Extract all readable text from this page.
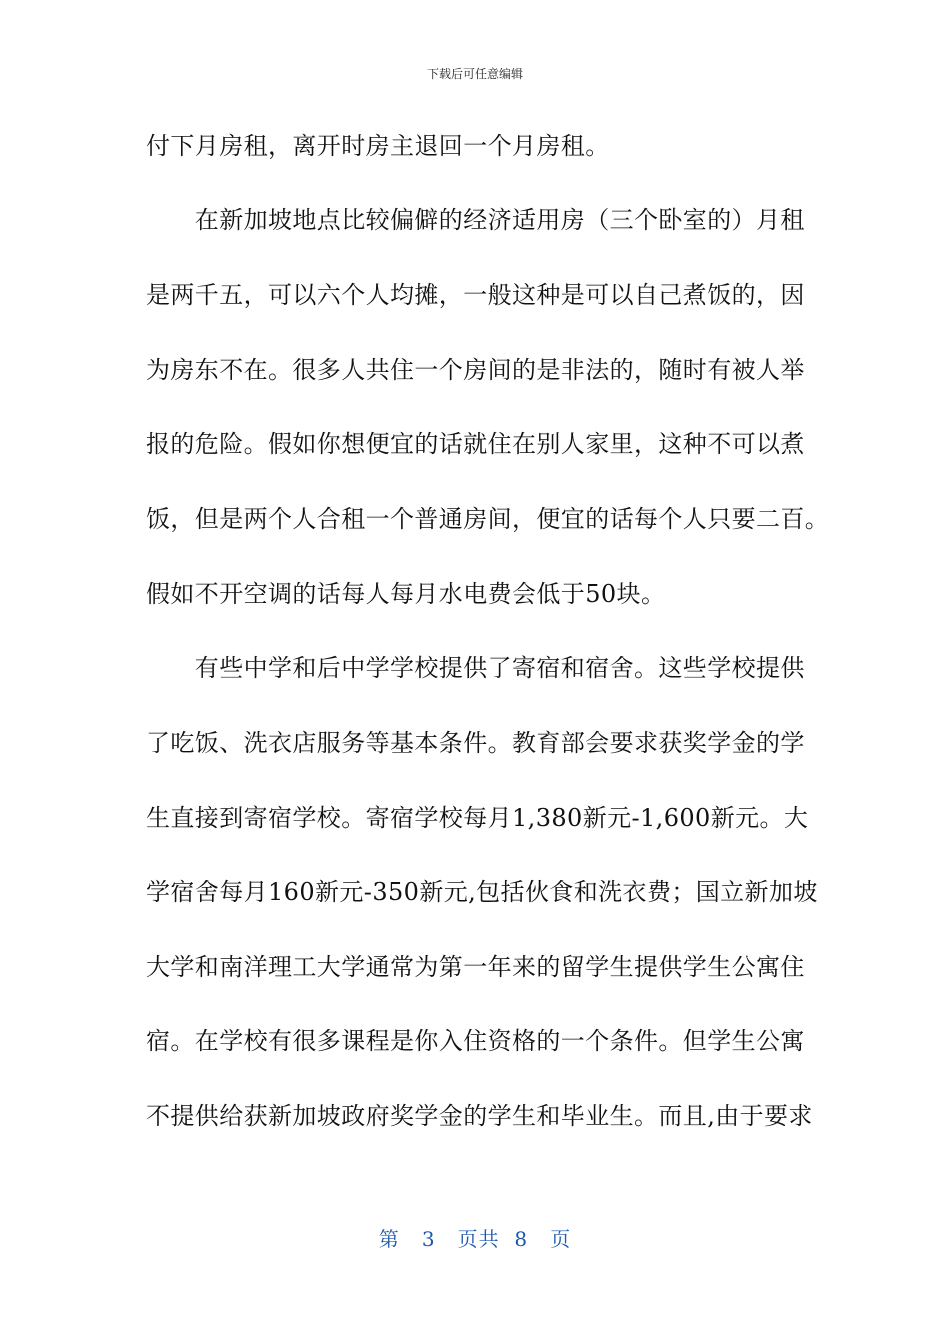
下载后可任意编辑
付下月房租，离开时房主退回一个月房租。
　　在新加坡地点比较偏僻的经济适用房（三个卧室的）月租
是两千五，可以六个人均摊，一般这种是可以自己煮饭的，因
为房东不在。很多人共住一个房间的是非法的，随时有被人举
报的危险。假如你想便宜的话就住在别人家里，这种不可以煮
饭，但是两个人合租一个普通房间，便宜的话每个人只要二百。
假如不开空调的话每人每月水电费会低于50块。
　　有些中学和后中学学校提供了寄宿和宿舍。这些学校提供
了吃饭、洗衣店服务等基本条件。教育部会要求获奖学金的学
生直接到寄宿学校。寄宿学校每月1,380新元-1,600新元。大
学宿舍每月160新元-350新元,包括伙食和洗衣费；国立新加坡
大学和南洋理工大学通常为第一年来的留学生提供学生公寓住
宿。在学校有很多课程是你入住资格的一个条件。但学生公寓
不提供给获新加坡政府奖学金的学生和毕业生。而且,由于要求
第 3 页共 8 页
